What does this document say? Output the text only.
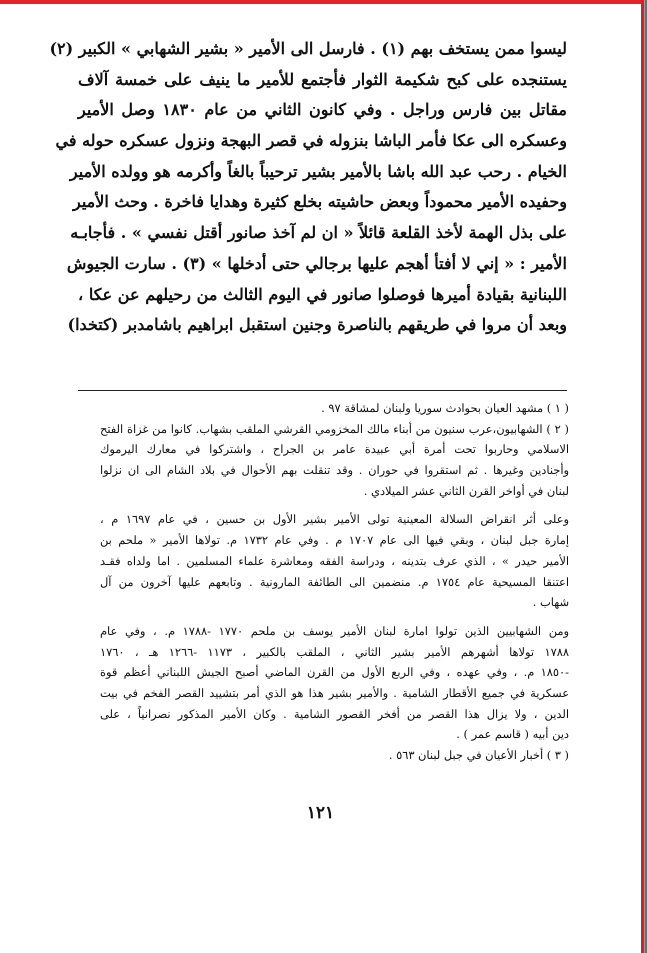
ليسوا ممن يستخف بهم (١) . فارسل الى الأمير « بشير الشهابي » الكبير (٢)
يستنجده على كبح شكيمة الثوار فأجتمع للأمير ما ينيف على خمسة آلاف
مقاتل بين فارس وراجل . وفي كانون الثاني من عام ١٨٣٠ وصل الأمير
وعسكره الى عكا فأمر الباشا بنزوله في قصر البهجة ونزول عسكره حوله في
الخيام . رحب عبد الله باشا بالأمير بشير ترحيباً بالغاً وأكرمه هو وولده الأمير
وحفيده الأمير محموداً وبعض حاشيته بخلع كثيرة وهدايا فاخرة . وحث الأمير
على بذل الهمة لأخذ القلعة قائلاً « ان لم آخذ صانور أقتل نفسي » . فأجابـه
الأمير : « إني لا أفتأ أهجم عليها برجالي حتى أدخلها » (٣) . سارت الجيوش
اللبنانية بقيادة أميرها فوصلوا صانور في اليوم الثالث من رحيلهم عن عكا ،
وبعد أن مروا في طريقهم بالناصرة وجنين استقبل ابراهيم باشامدبر (كتخدا)
( ١ ) مشهد العيان بحوادث سوريا ولبنان لمشاقة ٩٧ .
( ٢ ) الشهابيون،عرب سنيون من أبناء مالك المخزومي القرشي الملقب بشهاب. كانوا من غزاة الفتح
الاسلامي وحاربوا تحت أمرة أبي عبيدة عامر بن الجراح ، واشتركوا في معارك اليرموك
وأجنادين وغيرها . ثم استقروا في حوران . وقد تنقلت بهم الأحوال في بلاد الشام الى ان نزلوا
لبنان في أواخر القرن الثاني عشر الميلادي .
وعلى أثر انقراض السلالة المعينية تولى الأمير بشير الأول بن حسين ، في عام ١٦٩٧ م ،
إمارة جبل لبنان ، وبقي فيها الى عام ١٧٠٧ م . وفي عام ١٧٣٢ م. تولاها الأمير « ملحم بن
الأمير حيدر » ، الذي عرف بتدينه ، ودراسة الفقه ومعاشرة علماء المسلمين . اما ولداه فقـد
اعتنقا المسيحية عام ١٧٥٤ م. منضمين الى الطائفة المارونية . وتابعهم عليها آخرون من آل
شهاب .
ومن الشهابيين الذين تولوا امارة لبنان الأمير يوسف بن ملحم ١٧٧٠ -١٧٨٨ م. ، وفي عام
١٧٨٨ تولاها أشهرهم الأمير بشير الثاني ، الملقب بالكبير ، ١١٧٣ -١٢٦٦ هـ ، ١٧٦٠
-١٨٥٠ م. ، وفي عهده ، وفي الربع الأول من القرن الماضي أصبح الجيش اللبناني أعظم قوة
عسكرية في جميع الأقطار الشامية . والأمير بشير هذا هو الذي أمر بتشييد القصر الفخم في بيت
الدين ، ولا يزال هذا القصر من أفخر القصور الشامية . وكان الأمير المذكور نصرانياً ، على
دين أبيه ( قاسم عمر ) .
( ٣ ) أخبار الأعيان في جبل لبنان ٥٦٣ .
١٢١
